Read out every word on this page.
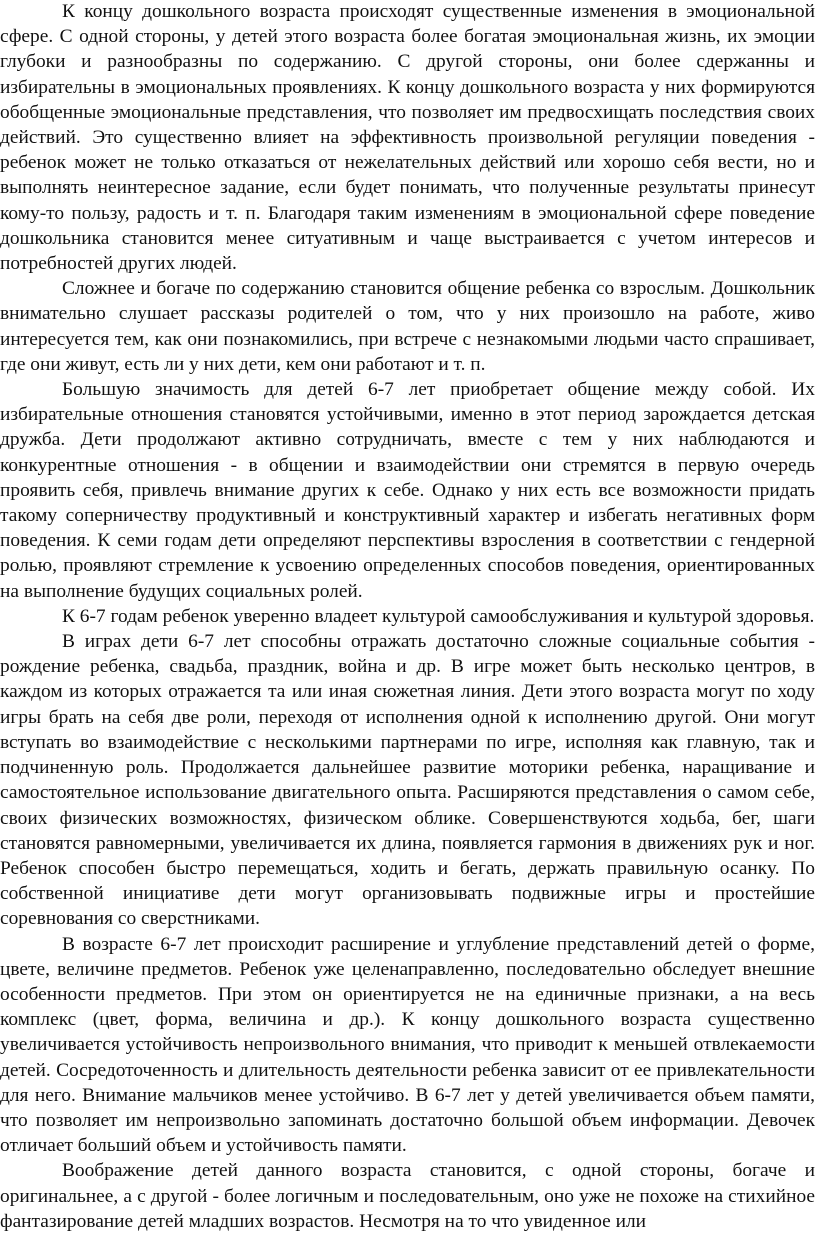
К концу дошкольного возраста происходят существенные изменения в эмоциональной сфере. С одной стороны, у детей этого возраста более богатая эмоциональная жизнь, их эмоции глубоки и разнообразны по содержанию. С другой стороны, они более сдержанны и избирательны в эмоциональных проявлениях. К концу дошкольного возраста у них формируются обобщенные эмоциональные представления, что позволяет им предвосхищать последствия своих действий. Это существенно влияет на эффективность произвольной регуляции поведения - ребенок может не только отказаться от нежелательных действий или хорошо себя вести, но и выполнять неинтересное задание, если будет понимать, что полученные результаты принесут кому-то пользу, радость и т. п. Благодаря таким изменениям в эмоциональной сфере поведение дошкольника становится менее ситуативным и чаще выстраивается с учетом интересов и потребностей других людей.

Сложнее и богаче по содержанию становится общение ребенка со взрослым. Дошкольник внимательно слушает рассказы родителей о том, что у них произошло на работе, живо интересуется тем, как они познакомились, при встрече с незнакомыми людьми часто спрашивает, где они живут, есть ли у них дети, кем они работают и т. п.

Большую значимость для детей 6-7 лет приобретает общение между собой. Их избирательные отношения становятся устойчивыми, именно в этот период зарождается детская дружба. Дети продолжают активно сотрудничать, вместе с тем у них наблюдаются и конкурентные отношения - в общении и взаимодействии они стремятся в первую очередь проявить себя, привлечь внимание других к себе. Однако у них есть все возможности придать такому соперничеству продуктивный и конструктивный характер и избегать негативных форм поведения. К семи годам дети определяют перспективы взросления в соответствии с гендерной ролью, проявляют стремление к усвоению определенных способов поведения, ориентированных на выполнение будущих социальных ролей.

К 6-7 годам ребенок уверенно владеет культурой самообслуживания и культурой здоровья.

В играх дети 6-7 лет способны отражать достаточно сложные социальные события - рождение ребенка, свадьба, праздник, война и др. В игре может быть несколько центров, в каждом из которых отражается та или иная сюжетная линия. Дети этого возраста могут по ходу игры брать на себя две роли, переходя от исполнения одной к исполнению другой. Они могут вступать во взаимодействие с несколькими партнерами по игре, исполняя как главную, так и подчиненную роль. Продолжается дальнейшее развитие моторики ребенка, наращивание и самостоятельное использование двигательного опыта. Расширяются представления о самом себе, своих физических возможностях, физическом облике. Совершенствуются ходьба, бег, шаги становятся равномерными, увеличивается их длина, появляется гармония в движениях рук и ног. Ребенок способен быстро перемещаться, ходить и бегать, держать правильную осанку. По собственной инициативе дети могут организовывать подвижные игры и простейшие соревнования со сверстниками.

В возрасте 6-7 лет происходит расширение и углубление представлений детей о форме, цвете, величине предметов. Ребенок уже целенаправленно, последовательно обследует внешние особенности предметов. При этом он ориентируется не на единичные признаки, а на весь комплекс (цвет, форма, величина и др.). К концу дошкольного возраста существенно увеличивается устойчивость непроизвольного внимания, что приводит к меньшей отвлекаемости детей. Сосредоточенность и длительность деятельности ребенка зависит от ее привлекательности для него. Внимание мальчиков менее устойчиво. В 6-7 лет у детей увеличивается объем памяти, что позволяет им непроизвольно запоминать достаточно большой объем информации. Девочек отличает больший объем и устойчивость памяти.

Воображение детей данного возраста становится, с одной стороны, богаче и оригинальнее, а с другой - более логичным и последовательным, оно уже не похоже на стихийное фантазирование детей младших возрастов. Несмотря на то что увиденное или
